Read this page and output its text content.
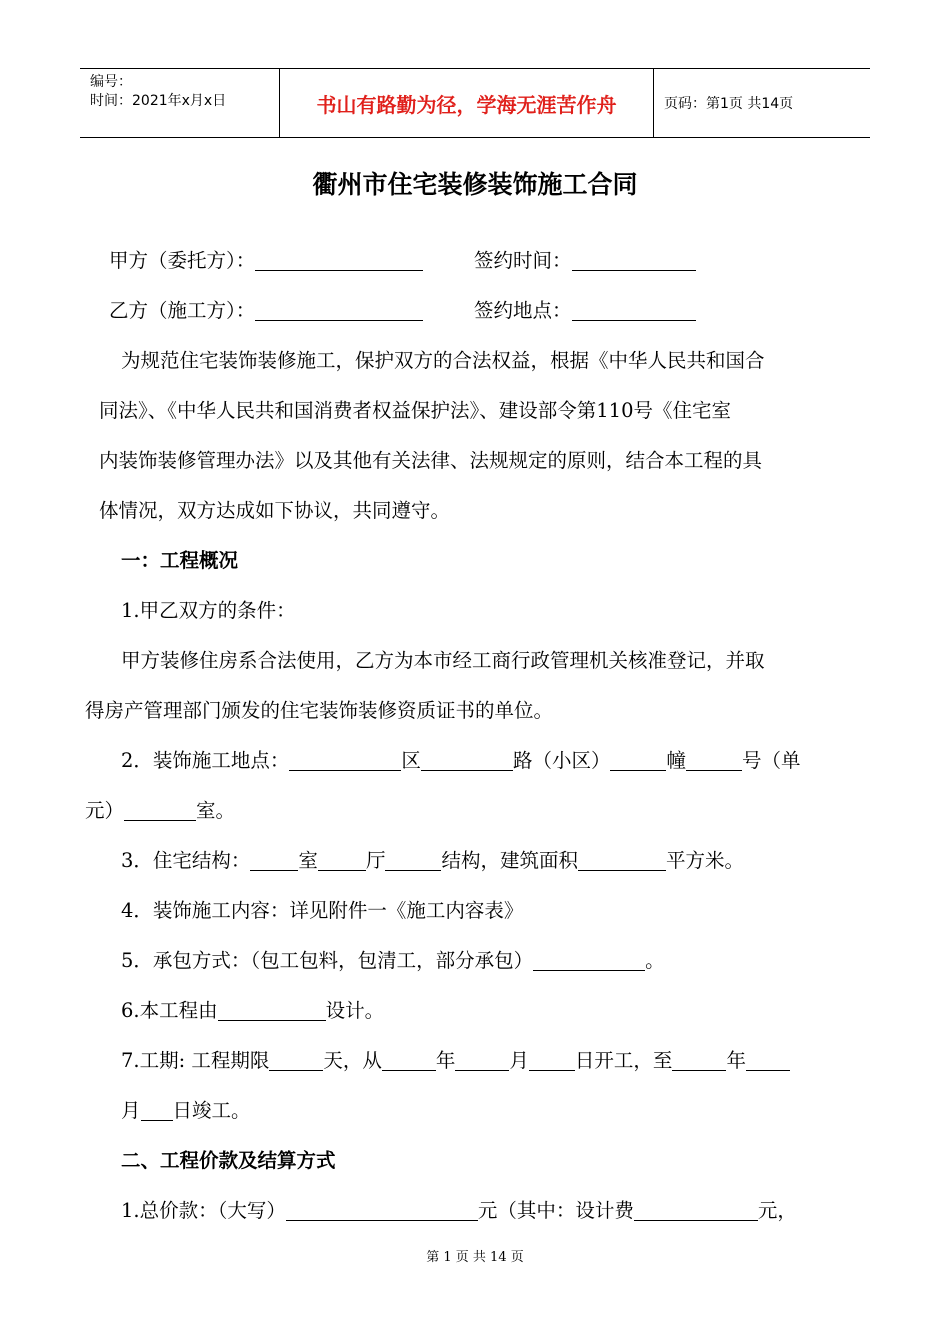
编号：
时间：2021年x月x日	书山有路勤为径，学海无涯苦作舟	页码：第1页 共14页
衢州市住宅装修装饰施工合同
甲方（委托方）：	签约时间：
乙方（施工方）：	签约地点：
为规范住宅装饰装修施工，保护双方的合法权益，根据《中华人民共和国合
同法》、《中华人民共和国消费者权益保护法》、建设部令第110号《住宅室
内装饰装修管理办法》以及其他有关法律、法规规定的原则，结合本工程的具
体情况，双方达成如下协议，共同遵守。
一：工程概况
1.甲乙双方的条件：
甲方装修住房系合法使用，乙方为本市经工商行政管理机关核准登记，并取
得房产管理部门颁发的住宅装饰装修资质证书的单位。
2．装饰施工地点：	区	路（小区）	幢	号（单
元）	室。
3．住宅结构： 室 厅	结构，建筑面积	平方米。
4．装饰施工内容：详见附件一《施工内容表》
5．承包方式：（包工包料，包清工，部分承包）	。
6.本工程由	设计。
7.工期: 工程期限	天，从	年	月 日开工，至	年
月 日竣工。
二、工程价款及结算方式
1.总价款：（大写）	元（其中：设计费	元，
第 1 页 共 14 页
